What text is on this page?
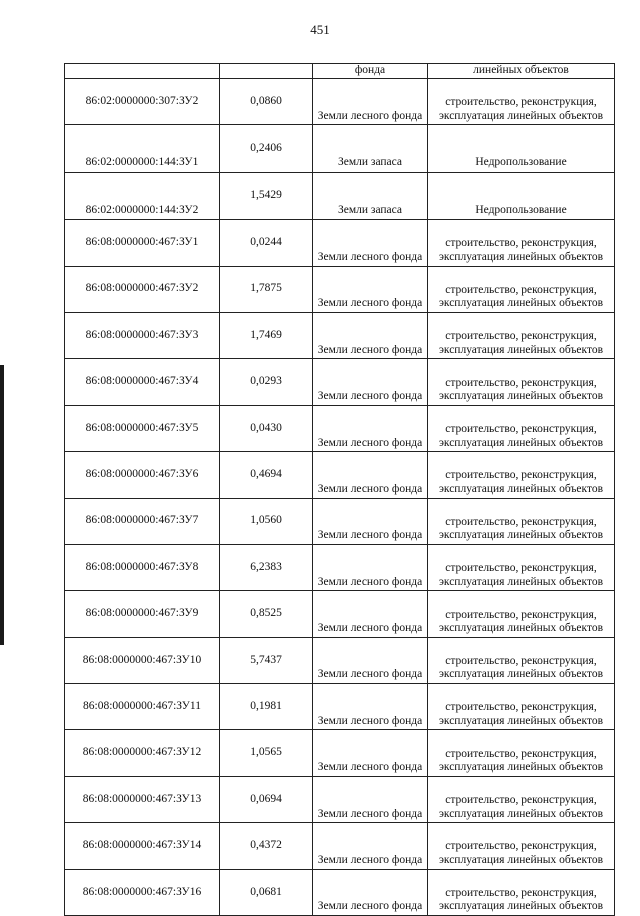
451
		фонда	линейных объектов
86:02:0000000:307:ЗУ2	0,0860	Земли лесного фонда	строительство, реконструкция, эксплуатация линейных объектов
86:02:0000000:144:ЗУ1	0,2406	Земли запаса	Недропользование
86:02:0000000:144:ЗУ2	1,5429	Земли запаса	Недропользование
86:08:0000000:467:ЗУ1	0,0244	Земли лесного фонда	строительство, реконструкция, эксплуатация линейных объектов
86:08:0000000:467:ЗУ2	1,7875	Земли лесного фонда	строительство, реконструкция, эксплуатация линейных объектов
86:08:0000000:467:ЗУ3	1,7469	Земли лесного фонда	строительство, реконструкция, эксплуатация линейных объектов
86:08:0000000:467:ЗУ4	0,0293	Земли лесного фонда	строительство, реконструкция, эксплуатация линейных объектов
86:08:0000000:467:ЗУ5	0,0430	Земли лесного фонда	строительство, реконструкция, эксплуатация линейных объектов
86:08:0000000:467:ЗУ6	0,4694	Земли лесного фонда	строительство, реконструкция, эксплуатация линейных объектов
86:08:0000000:467:ЗУ7	1,0560	Земли лесного фонда	строительство, реконструкция, эксплуатация линейных объектов
86:08:0000000:467:ЗУ8	6,2383	Земли лесного фонда	строительство, реконструкция, эксплуатация линейных объектов
86:08:0000000:467:ЗУ9	0,8525	Земли лесного фонда	строительство, реконструкция, эксплуатация линейных объектов
86:08:0000000:467:ЗУ10	5,7437	Земли лесного фонда	строительство, реконструкция, эксплуатация линейных объектов
86:08:0000000:467:ЗУ11	0,1981	Земли лесного фонда	строительство, реконструкция, эксплуатация линейных объектов
86:08:0000000:467:ЗУ12	1,0565	Земли лесного фонда	строительство, реконструкция, эксплуатация линейных объектов
86:08:0000000:467:ЗУ13	0,0694	Земли лесного фонда	строительство, реконструкция, эксплуатация линейных объектов
86:08:0000000:467:ЗУ14	0,4372	Земли лесного фонда	строительство, реконструкция, эксплуатация линейных объектов
86:08:0000000:467:ЗУ16	0,0681	Земли лесного фонда	строительство, реконструкция, эксплуатация линейных объектов
